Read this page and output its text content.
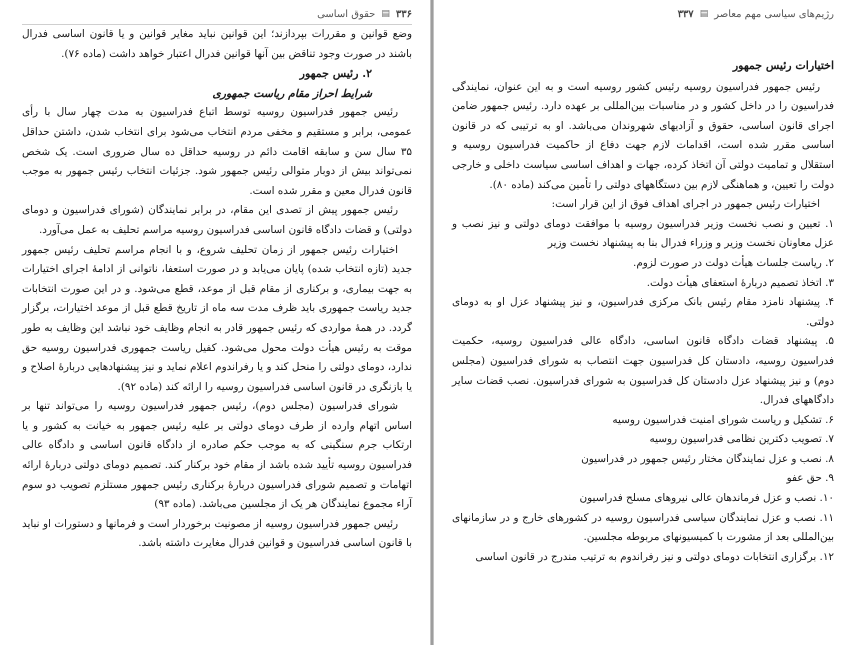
۳۳۶
▤
حقوق اساسی

وضع قوانین و مقررات بپردازند؛ این قوانین نباید مغایر قوانین و یا قانون اساسی فدرال باشند در صورت وجود تناقض بین آنها قوانین فدرال اعتبار خواهد داشت (ماده ۷۶).

۲. رئیس جمهور
شرایط احراز مقام ریاست جمهوری

رئیس جمهور فدراسیون روسیه توسط اتباع فدراسیون به مدت چهار سال با رأی عمومی، برابر و مستقیم و مخفی مردم انتخاب می‌شود برای انتخاب شدن، داشتن حداقل ۳۵ سال سن و سابقه اقامت دائم در روسیه حداقل ده سال ضروری است. یک شخص نمی‌تواند بیش از دوبار متوالی رئیس جمهور شود. جزئیات انتخاب رئیس جمهور به موجب قانون فدرال معین و مقرر شده است.

رئیس جمهور پیش از تصدی این مقام، در برابر نمایندگان (شورای فدراسیون و دومای دولتی) و قضات دادگاه قانون اساسی فدراسیون روسیه مراسم تحلیف به عمل می‌آورد.

اختیارات رئیس جمهور از زمان تحلیف شروع، و با انجام مراسم تحلیف رئیس جمهور جدید (تازه انتخاب شده) پایان می‌یابد و در صورت استعفا، ناتوانی از ادامهٔ اجرای اختیارات به جهت بیماری، و برکناری از مقام قبل از موعد، قطع می‌شود. و در این صورت انتخابات جدید ریاست جمهوری باید ظرف مدت سه ماه از تاریخ قطع قبل از موعد اختیارات، برگزار گردد. در همهٔ مواردی که رئیس جمهور قادر به انجام وظایف خود نباشد این وظایف به طور موقت به رئیس هیأت دولت محول می‌شود. کفیل ریاست جمهوری فدراسیون روسیه حق ندارد، دومای دولتی را منحل کند و یا رفراندوم اعلام نماید و نیز پیشنهادهایی دربارهٔ اصلاح و یا بازنگری در قانون اساسی فدراسیون روسیه را ارائه کند (ماده ۹۲).

شورای فدراسیون (مجلس دوم)، رئیس جمهور فدراسیون روسیه را می‌تواند تنها بر اساس اتهام وارده از طرف دومای دولتی بر علیه رئیس جمهور به خیانت به کشور و یا ارتکاب جرم سنگینی که به موجب حکم صادره از دادگاه قانون اساسی و دادگاه عالی فدراسیون روسیه تأیید شده باشد از مقام خود برکنار کند. تصمیم دومای دولتی دربارهٔ ارائه اتهامات و تصمیم شورای فدراسیون دربارهٔ برکناری رئیس جمهور مستلزم تصویب دو سوم آراء مجموع نمایندگان هر یک از مجلسین می‌باشد. (ماده ۹۳)

رئیس جمهور فدراسیون روسیه از مصونیت برخوردار است و فرمانها و دستورات او نباید با قانون اساسی فدراسیون و قوانین فدرال مغایرت داشته باشد.

رژیم‌های سیاسی مهم معاصر
▤
۳۳۷
اختیارات رئیس جمهور

رئیس جمهور فدراسیون روسیه رئیس کشور روسیه است و به این عنوان، نمایندگی فدراسیون را در داخل کشور و در مناسبات بین‌المللی بر عهده دارد. رئیس جمهور ضامن اجرای قانون اساسی، حقوق و آزادیهای شهروندان می‌باشد. او به ترتیبی که در قانون اساسی مقرر شده است، اقدامات لازم جهت دفاع از حاکمیت فدراسیون روسیه و استقلال و تمامیت دولتی آن اتخاذ کرده، جهات و اهداف اساسی سیاست داخلی و خارجی دولت را تعیین، و هماهنگی لازم بین دستگاههای دولتی را تأمین می‌کند (ماده ۸۰).

اختیارات رئیس جمهور در اجرای اهداف فوق از این قرار است:

۱. تعیین و نصب نخست وزیر فدراسیون روسیه با موافقت دومای دولتی و نیز نصب و عزل معاونان نخست وزیر و وزراء فدرال بنا به پیشنهاد نخست وزیر
۲. ریاست جلسات هیأت دولت در صورت لزوم.
۳. اتخاذ تصمیم دربارهٔ استعفای هیأت دولت.
۴. پیشنهاد نامزد مقام رئیس بانک مرکزی فدراسیون، و نیز پیشنهاد عزل او به دومای دولتی.
۵. پیشنهاد قضات دادگاه قانون اساسی، دادگاه عالی فدراسیون روسیه، حکمیت فدراسیون روسیه، دادستان کل فدراسیون جهت انتصاب به شورای فدراسیون (مجلس دوم) و نیز پیشنهاد عزل دادستان کل فدراسیون به شورای فدراسیون. نصب قضات سایر دادگاههای فدرال.
۶. تشکیل و ریاست شورای امنیت فدراسیون روسیه
۷. تصویب دکترین نظامی فدراسیون روسیه
۸. نصب و عزل نمایندگان مختار رئیس جمهور در فدراسیون
۹. حق عفو
۱۰. نصب و عزل فرماندهان عالی نیروهای مسلح فدراسیون
۱۱. نصب و عزل نمایندگان سیاسی فدراسیون روسیه در کشورهای خارج و در سازمانهای بین‌المللی بعد از مشورت با کمیسیونهای مربوطه مجلسین.
۱۲. برگزاری انتخابات دومای دولتی و نیز رفراندوم به ترتیب مندرج در قانون اساسی
